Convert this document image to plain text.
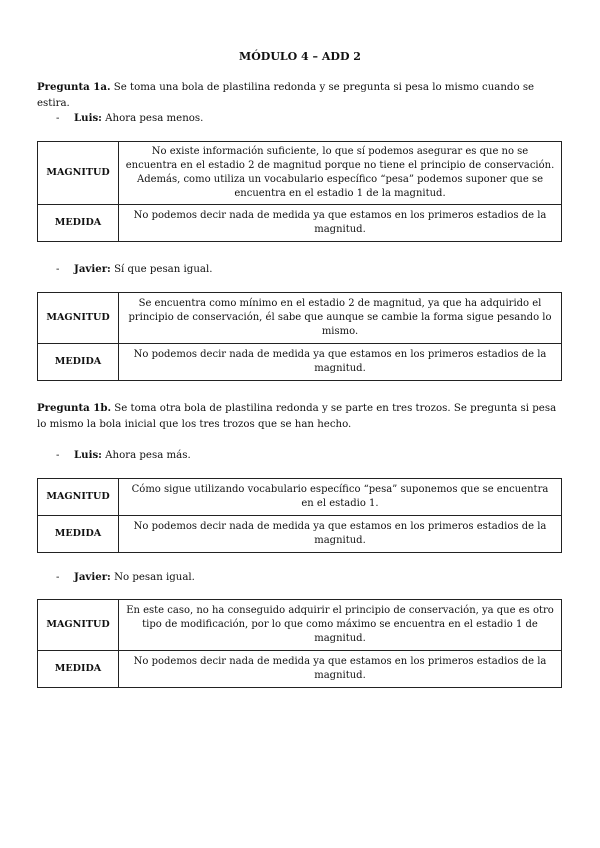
MÓDULO 4 – ADD 2
Pregunta 1a. Se toma una bola de plastilina redonda y se pregunta si pesa lo mismo cuando se estira.
- Luis: Ahora pesa menos.
MAGNITUD	No existe información suficiente, lo que sí podemos asegurar es que no se encuentra en el estadio 2 de magnitud porque no tiene el principio de conservación. Además, como utiliza un vocabulario específico “pesa” podemos suponer que se encuentra en el estadio 1 de la magnitud.
MEDIDA	No podemos decir nada de medida ya que estamos en los primeros estadios de la magnitud.
- Javier: Sí que pesan igual.
MAGNITUD	Se encuentra como mínimo en el estadio 2 de magnitud, ya que ha adquirido el principio de conservación, él sabe que aunque se cambie la forma sigue pesando lo mismo.
MEDIDA	No podemos decir nada de medida ya que estamos en los primeros estadios de la magnitud.
Pregunta 1b. Se toma otra bola de plastilina redonda y se parte en tres trozos. Se pregunta si pesa lo mismo la bola inicial que los tres trozos que se han hecho.
- Luis: Ahora pesa más.
MAGNITUD	Cómo sigue utilizando vocabulario específico “pesa” suponemos que se encuentra en el estadio 1.
MEDIDA	No podemos decir nada de medida ya que estamos en los primeros estadios de la magnitud.
- Javier: No pesan igual.
MAGNITUD	En este caso, no ha conseguido adquirir el principio de conservación, ya que es otro tipo de modificación, por lo que como máximo se encuentra en el estadio 1 de magnitud.
MEDIDA	No podemos decir nada de medida ya que estamos en los primeros estadios de la magnitud.
